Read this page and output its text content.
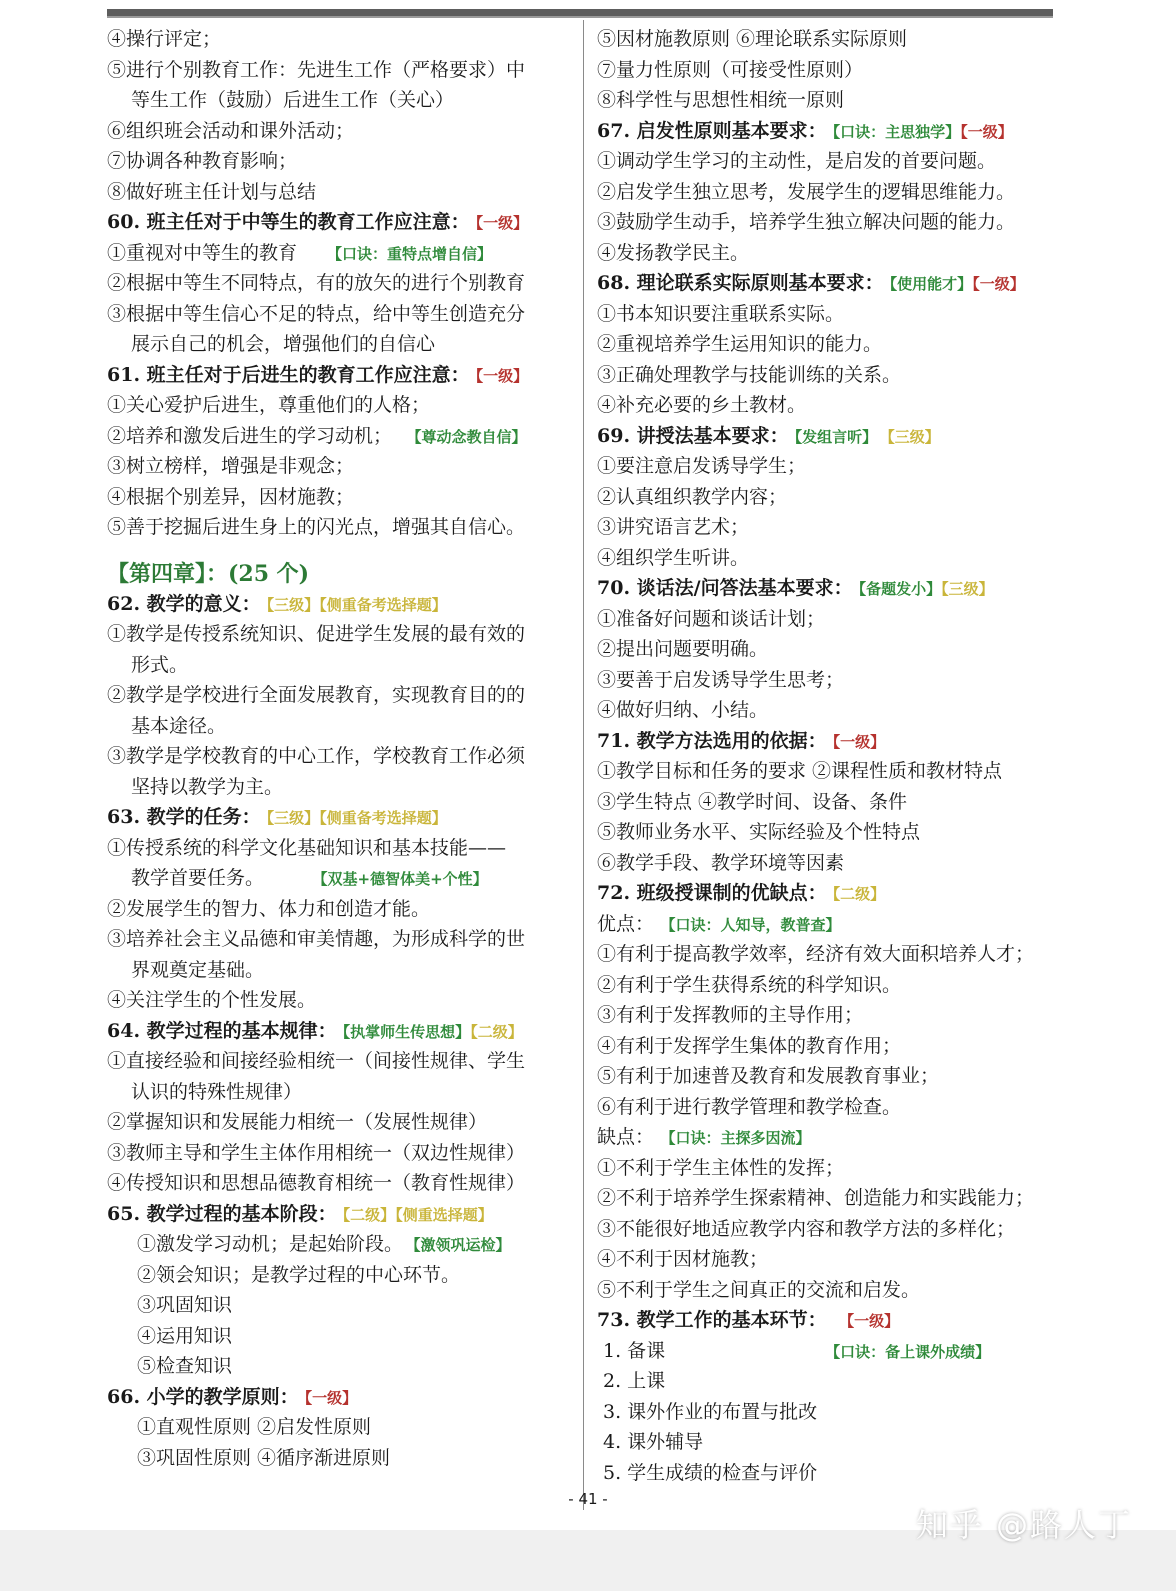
④操行评定；
⑤进行个别教育工作：先进生工作（严格要求）中
等生工作（鼓励）后进生工作（关心）
⑥组织班会活动和课外活动；
⑦协调各种教育影响；
⑧做好班主任计划与总结
60. 班主任对于中等生的教育工作应注意： 【一级】
①重视对中等生的教育 【口诀：重特点增自信】
②根据中等生不同特点，有的放矢的进行个别教育
③根据中等生信心不足的特点，给中等生创造充分
展示自己的机会，增强他们的自信心
61. 班主任对于后进生的教育工作应注意： 【一级】
①关心爱护后进生，尊重他们的人格；
②培养和激发后进生的学习动机； 【尊动念教自信】
③树立榜样，增强是非观念；
④根据个别差异，因材施教；
⑤善于挖掘后进生身上的闪光点，增强其自信心。
【第四章】：(25 个)
62. 教学的意义： 【三级】【侧重备考选择题】
①教学是传授系统知识、促进学生发展的最有效的
形式。
②教学是学校进行全面发展教育，实现教育目的的
基本途径。
③教学是学校教育的中心工作，学校教育工作必须
坚持以教学为主。
63. 教学的任务： 【三级】【侧重备考选择题】
①传授系统的科学文化基础知识和基本技能——
教学首要任务。	【双基+德智体美+个性】
②发展学生的智力、体力和创造才能。
③培养社会主义品德和审美情趣，为形成科学的世
界观奠定基础。
④关注学生的个性发展。
64. 教学过程的基本规律： 【执掌师生传思想】【二级】
①直接经验和间接经验相统一（间接性规律、学生
认识的特殊性规律）
②掌握知识和发展能力相统一（发展性规律）
③教师主导和学生主体作用相统一（双边性规律）
④传授知识和思想品德教育相统一（教育性规律）
65. 教学过程的基本阶段： 【二级】【侧重选择题】
①激发学习动机；是起始阶段。 【激领巩运检】
②领会知识；是教学过程的中心环节。
③巩固知识
④运用知识
⑤检查知识
66. 小学的教学原则： 【一级】
①直观性原则 ②启发性原则
③巩固性原则 ④循序渐进原则
⑤因材施教原则 ⑥理论联系实际原则
⑦量力性原则（可接受性原则）
⑧科学性与思想性相统一原则
67. 启发性原则基本要求： 【口诀：主思独学】【一级】
①调动学生学习的主动性，是启发的首要问题。
②启发学生独立思考，发展学生的逻辑思维能力。
③鼓励学生动手，培养学生独立解决问题的能力。
④发扬教学民主。
68. 理论联系实际原则基本要求： 【使用能才】【一级】
①书本知识要注重联系实际。
②重视培养学生运用知识的能力。
③正确处理教学与技能训练的关系。
④补充必要的乡土教材。
69. 讲授法基本要求： 【发组言听】 【三级】
①要注意启发诱导学生；
②认真组织教学内容；
③讲究语言艺术；
④组织学生听讲。
70. 谈话法/问答法基本要求： 【备题发小】【三级】
①准备好问题和谈话计划；
②提出问题要明确。
③要善于启发诱导学生思考；
④做好归纳、小结。
71. 教学方法选用的依据： 【一级】
①教学目标和任务的要求 ②课程性质和教材特点
③学生特点 ④教学时间、设备、条件
⑤教师业务水平、实际经验及个性特点
⑥教学手段、教学环境等因素
72. 班级授课制的优缺点： 【二级】
优点： 【口诀：人知导，教普查】
①有利于提高教学效率，经济有效大面积培养人才；
②有利于学生获得系统的科学知识。
③有利于发挥教师的主导作用；
④有利于发挥学生集体的教育作用；
⑤有利于加速普及教育和发展教育事业；
⑥有利于进行教学管理和教学检查。
缺点： 【口诀：主探多因流】
①不利于学生主体性的发挥；
②不利于培养学生探索精神、创造能力和实践能力；
③不能很好地适应教学内容和教学方法的多样化；
④不利于因材施教；
⑤不利于学生之间真正的交流和启发。
73. 教学工作的基本环节： 【一级】
1. 备课	【口诀：备上课外成绩】
2. 上课
3. 课外作业的布置与批改
4. 课外辅导
5. 学生成绩的检查与评价
- 41 -
知乎 @路人丁
